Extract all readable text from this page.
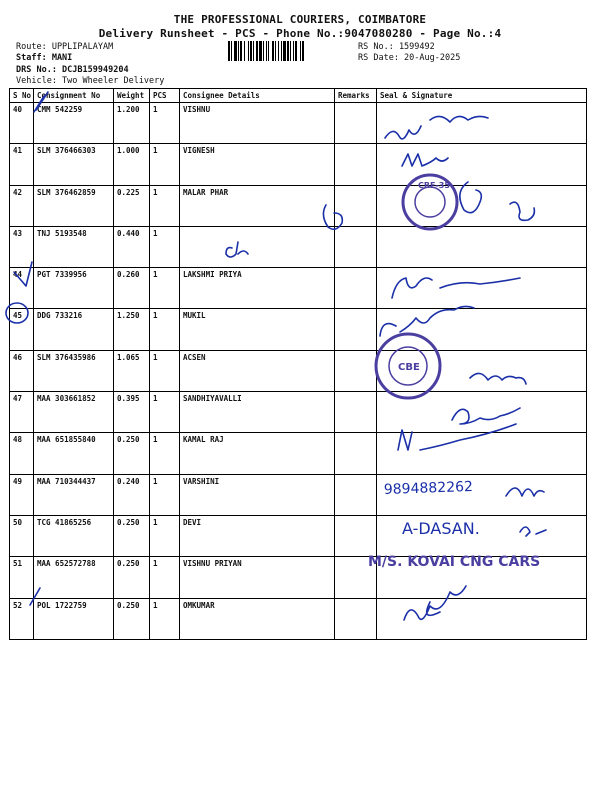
THE PROFESSIONAL COURIERS, COIMBATORE
Delivery Runsheet - PCS - Phone No.:9047080280 - Page No.:4
Route: UPPLIPALAYAM
Staff: MANI
DRS No.: DCJB159949204
Vehicle: Two Wheeler Delivery
RS No.: 1599492
RS Date: 20-Aug-2025
S No	Consignment No	Weight	PCS	Consignee Details	Remarks	Seal & Signature
40	CMM 542259	1.200	1	VISHNU		
41	SLM 376466303	1.000	1	VIGNESH		
42	SLM 376462859	0.225	1	MALAR PHAR		
43	TNJ 5193548	0.440	1			
44	PGT 7339956	0.260	1	LAKSHMI PRIYA		
45	DDG 733216	1.250	1	MUKIL		
46	SLM 376435986	1.065	1	ACSEN		
47	MAA 303661852	0.395	1	SANDHIYAVALLI		
48	MAA 651855840	0.250	1	KAMAL RAJ		
49	MAA 710344437	0.240	1	VARSHINI		
50	TCG 41865256	0.250	1	DEVI		
51	MAA 652572788	0.250	1	VISHNU PRIYAN		
52	POL 1722759	0.250	1	OMKUMAR		
CBE-35
CBE
M/S. KOVAI CNG CARS
9894882262
A-DASAN.
